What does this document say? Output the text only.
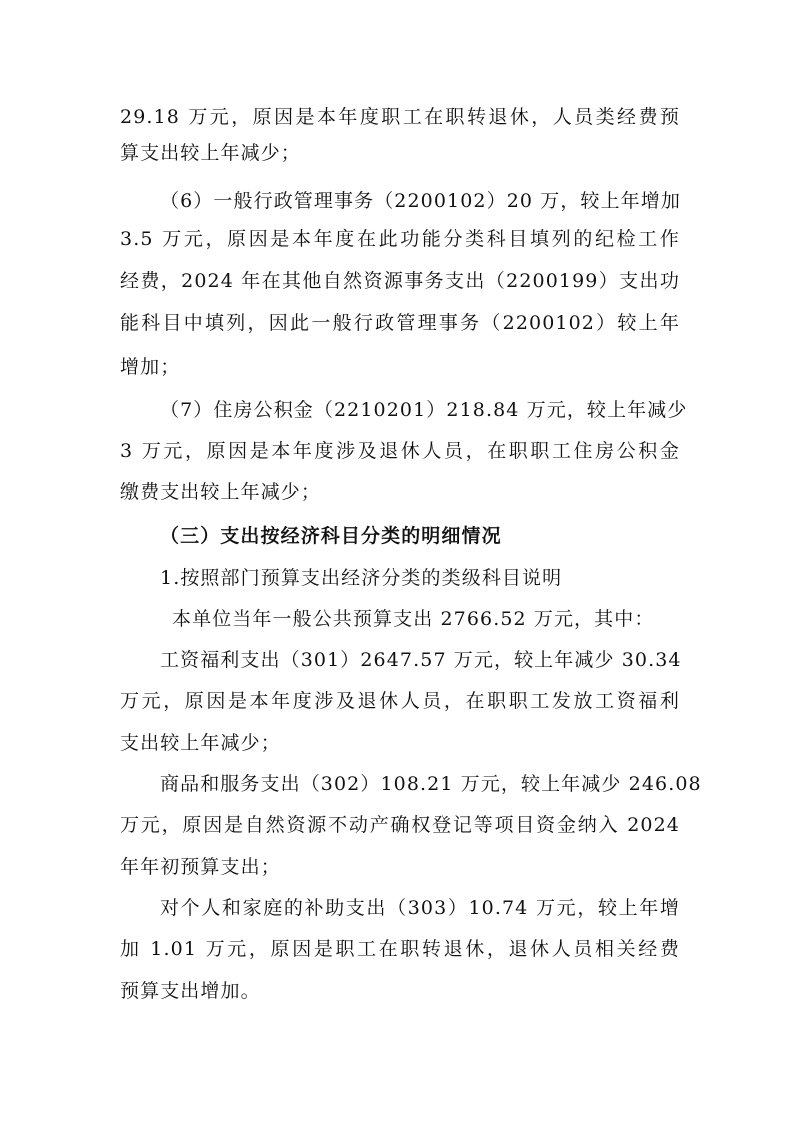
29.18 万元，原因是本年度职工在职转退休，人员类经费预
算支出较上年减少；
（6）一般行政管理事务（2200102）20 万，较上年增加
3.5 万元，原因是本年度在此功能分类科目填列的纪检工作
经费，2024 年在其他自然资源事务支出（2200199）支出功
能科目中填列，因此一般行政管理事务（2200102）较上年
增加；
（7）住房公积金（2210201）218.84 万元，较上年减少
3 万元，原因是本年度涉及退休人员，在职职工住房公积金
缴费支出较上年减少；
（三）支出按经济科目分类的明细情况
1.按照部门预算支出经济分类的类级科目说明
本单位当年一般公共预算支出 2766.52 万元，其中：
工资福利支出（301）2647.57 万元，较上年减少 30.34
万元，原因是本年度涉及退休人员，在职职工发放工资福利
支出较上年减少；
商品和服务支出（302）108.21 万元，较上年减少 246.08
万元，原因是自然资源不动产确权登记等项目资金纳入 2024
年年初预算支出；
对个人和家庭的补助支出（303）10.74 万元，较上年增
加 1.01 万元，原因是职工在职转退休，退休人员相关经费
预算支出增加。
